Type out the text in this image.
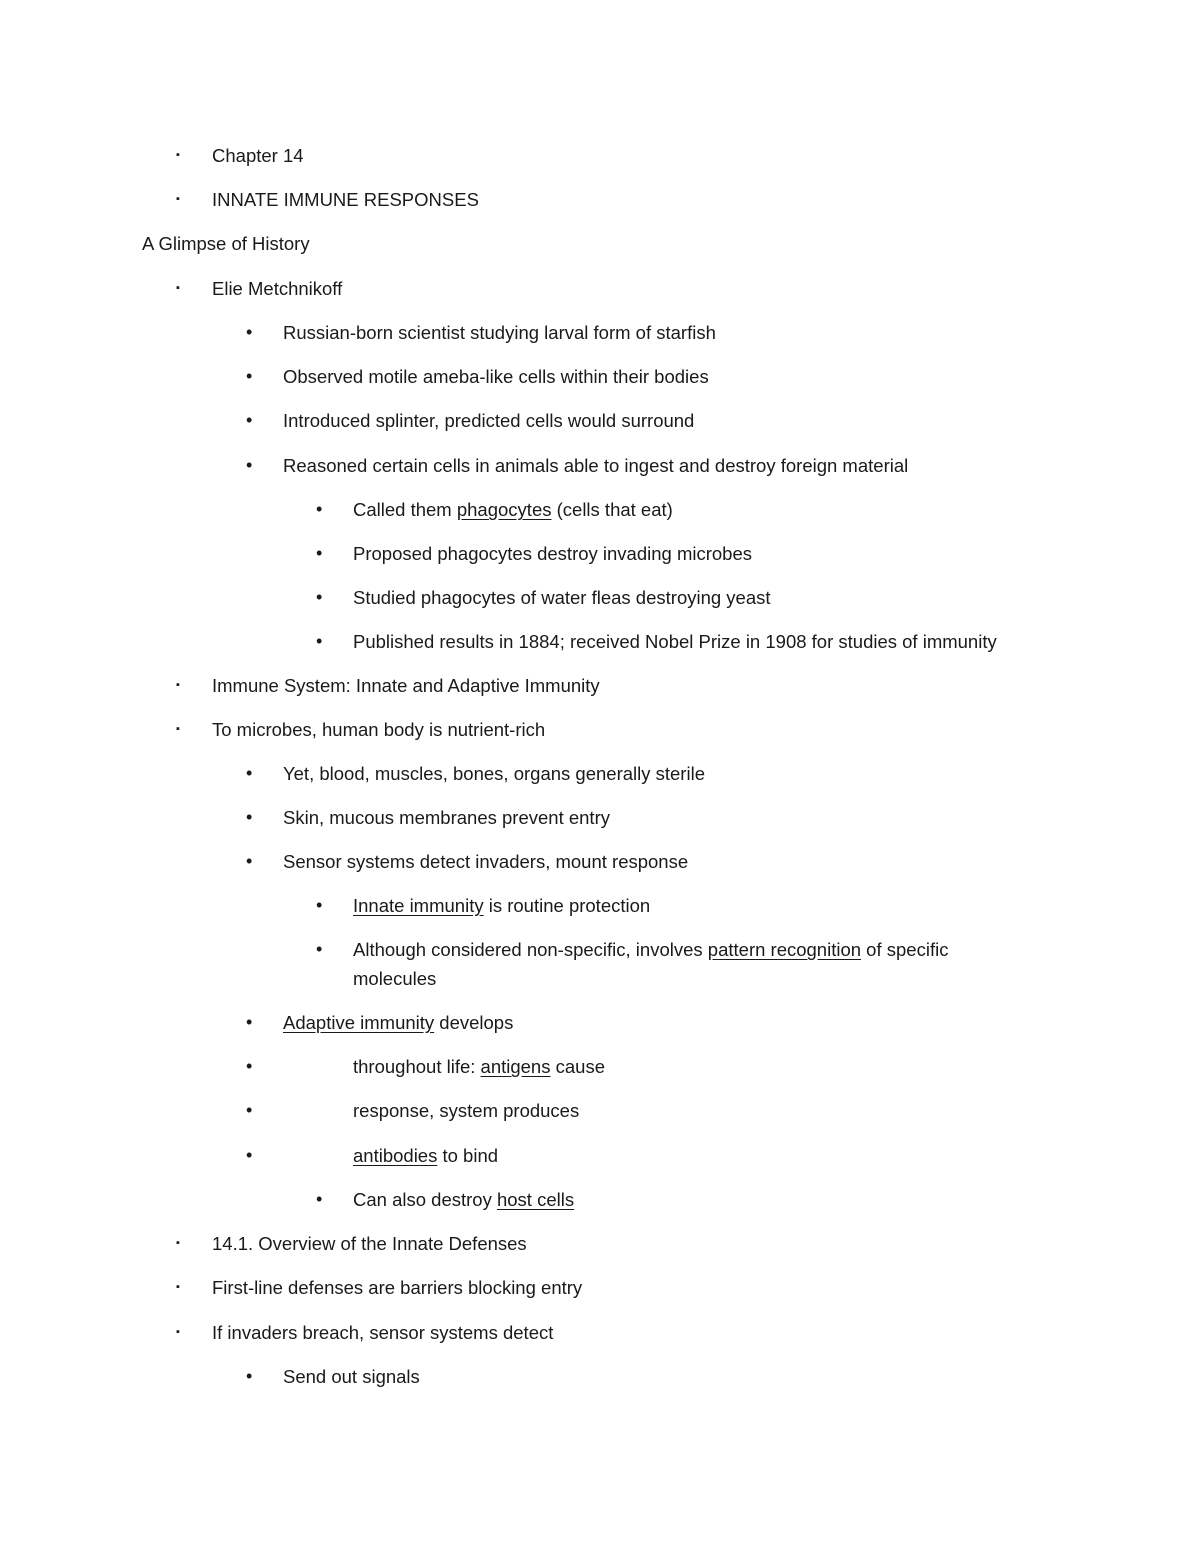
▪ Chapter 14
▪ INNATE IMMUNE RESPONSES
A Glimpse of History
▪ Elie Metchnikoff
• Russian-born scientist studying larval form of starfish
• Observed motile ameba-like cells within their bodies
• Introduced splinter, predicted cells would surround
• Reasoned certain cells in animals able to ingest and destroy foreign material
• Called them phagocytes (cells that eat)
• Proposed phagocytes destroy invading microbes
• Studied phagocytes of water fleas destroying yeast
• Published results in 1884; received Nobel Prize in 1908 for studies of immunity
▪ Immune System: Innate and Adaptive Immunity
▪ To microbes, human body is nutrient-rich
• Yet, blood, muscles, bones, organs generally sterile
• Skin, mucous membranes prevent entry
• Sensor systems detect invaders, mount response
• Innate immunity is routine protection
• Although considered non-specific, involves pattern recognition of specific
molecules
• Adaptive immunity develops
•	throughout life: antigens cause
•	response, system produces
•	antibodies to bind
• Can also destroy host cells
▪ 14.1. Overview of the Innate Defenses
▪ First-line defenses are barriers blocking entry
▪ If invaders breach, sensor systems detect
• Send out signals
